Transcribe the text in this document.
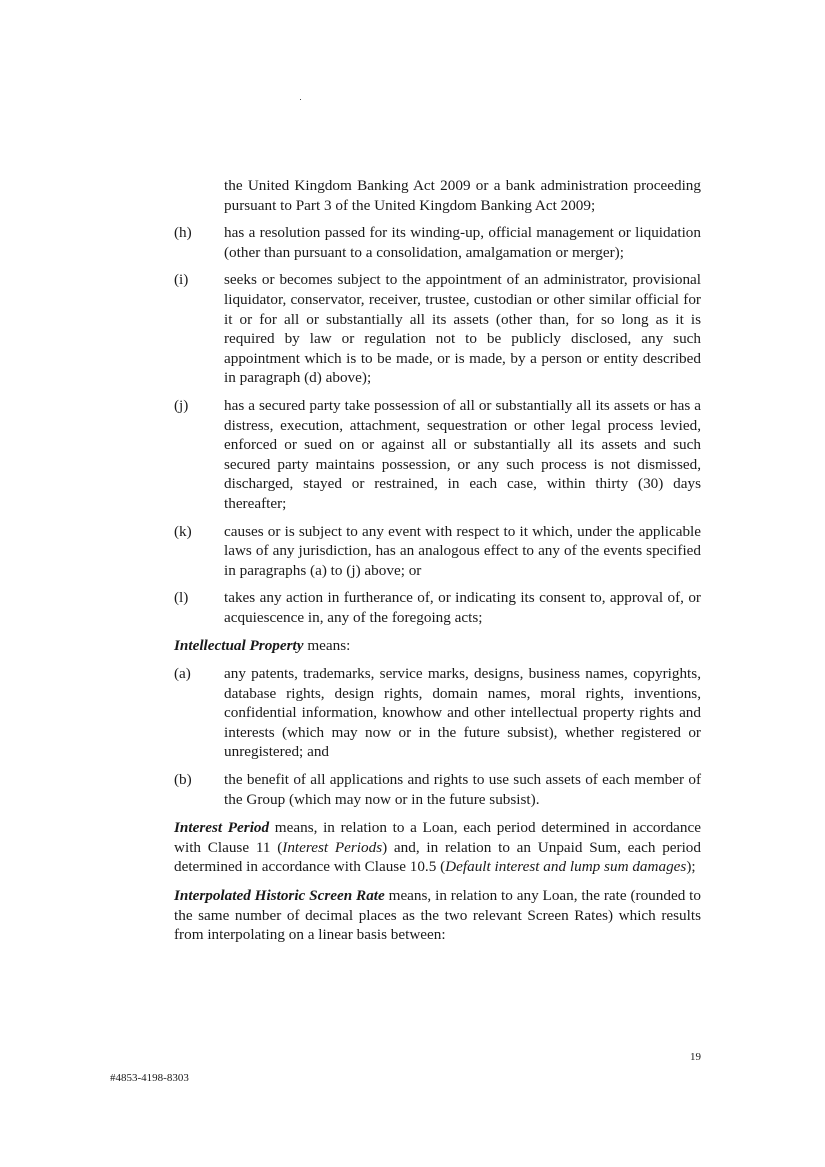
the United Kingdom Banking Act 2009 or a bank administration proceeding pursuant to Part 3 of the United Kingdom Banking Act 2009;

(h)	has a resolution passed for its winding-up, official management or liquidation (other than pursuant to a consolidation, amalgamation or merger);
(i)	seeks or becomes subject to the appointment of an administrator, provisional liquidator, conservator, receiver, trustee, custodian or other similar official for it or for all or substantially all its assets (other than, for so long as it is required by law or regulation not to be publicly disclosed, any such appointment which is to be made, or is made, by a person or entity described in paragraph (d) above);
(j)	has a secured party take possession of all or substantially all its assets or has a distress, execution, attachment, sequestration or other legal process levied, enforced or sued on or against all or substantially all its assets and such secured party maintains possession, or any such process is not dismissed, discharged, stayed or restrained, in each case, within thirty (30) days thereafter;
(k)	causes or is subject to any event with respect to it which, under the applicable laws of any jurisdiction, has an analogous effect to any of the events specified in paragraphs (a) to (j) above; or
(l)	takes any action in furtherance of, or indicating its consent to, approval of, or acquiescence in, any of the foregoing acts;

Intellectual Property means:

(a)	any patents, trademarks, service marks, designs, business names, copyrights, database rights, design rights, domain names, moral rights, inventions, confidential information, knowhow and other intellectual property rights and interests (which may now or in the future subsist), whether registered or unregistered; and
(b)	the benefit of all applications and rights to use such assets of each member of the Group (which may now or in the future subsist).

Interest Period means, in relation to a Loan, each period determined in accordance with Clause 11 (Interest Periods) and, in relation to an Unpaid Sum, each period determined in accordance with Clause 10.5 (Default interest and lump sum damages);

Interpolated Historic Screen Rate means, in relation to any Loan, the rate (rounded to the same number of decimal places as the two relevant Screen Rates) which results from interpolating on a linear basis between:

19
#4853-4198-8303
